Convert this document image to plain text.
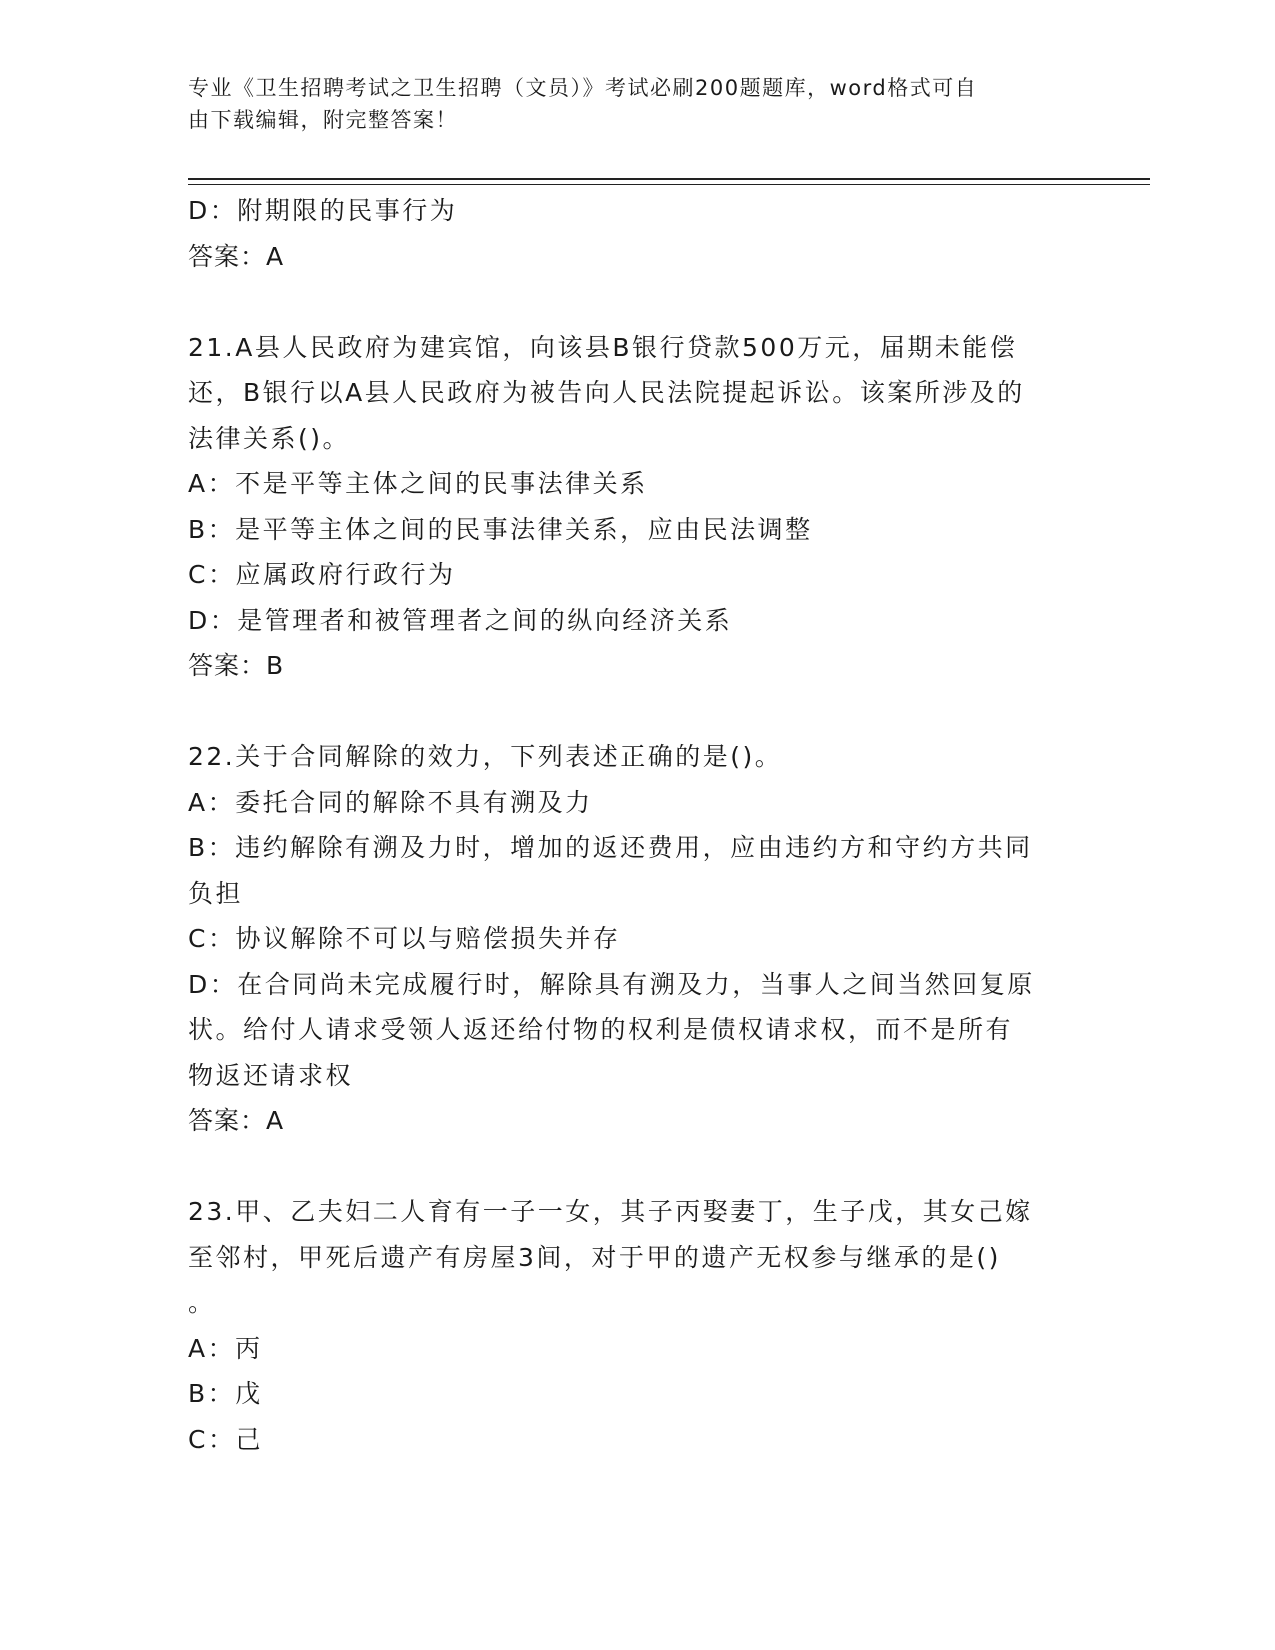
专业《卫生招聘考试之卫生招聘（文员）》考试必刷200题题库，word格式可自
由下载编辑，附完整答案！
D：附期限的民事行为
答案：A
21.A县人民政府为建宾馆，向该县B银行贷款500万元，届期未能偿
还，B银行以A县人民政府为被告向人民法院提起诉讼。该案所涉及的
法律关系()。
A：不是平等主体之间的民事法律关系
B：是平等主体之间的民事法律关系，应由民法调整
C：应属政府行政行为
D：是管理者和被管理者之间的纵向经济关系
答案：B
22.关于合同解除的效力，下列表述正确的是()。
A：委托合同的解除不具有溯及力
B：违约解除有溯及力时，增加的返还费用，应由违约方和守约方共同
负担
C：协议解除不可以与赔偿损失并存
D：在合同尚未完成履行时，解除具有溯及力，当事人之间当然回复原
状。给付人请求受领人返还给付物的权利是债权请求权，而不是所有
物返还请求权
答案：A
23.甲、乙夫妇二人育有一子一女，其子丙娶妻丁，生子戊，其女己嫁
至邻村，甲死后遗产有房屋3间，对于甲的遗产无权参与继承的是()
。
A：丙
B：戊
C：己
